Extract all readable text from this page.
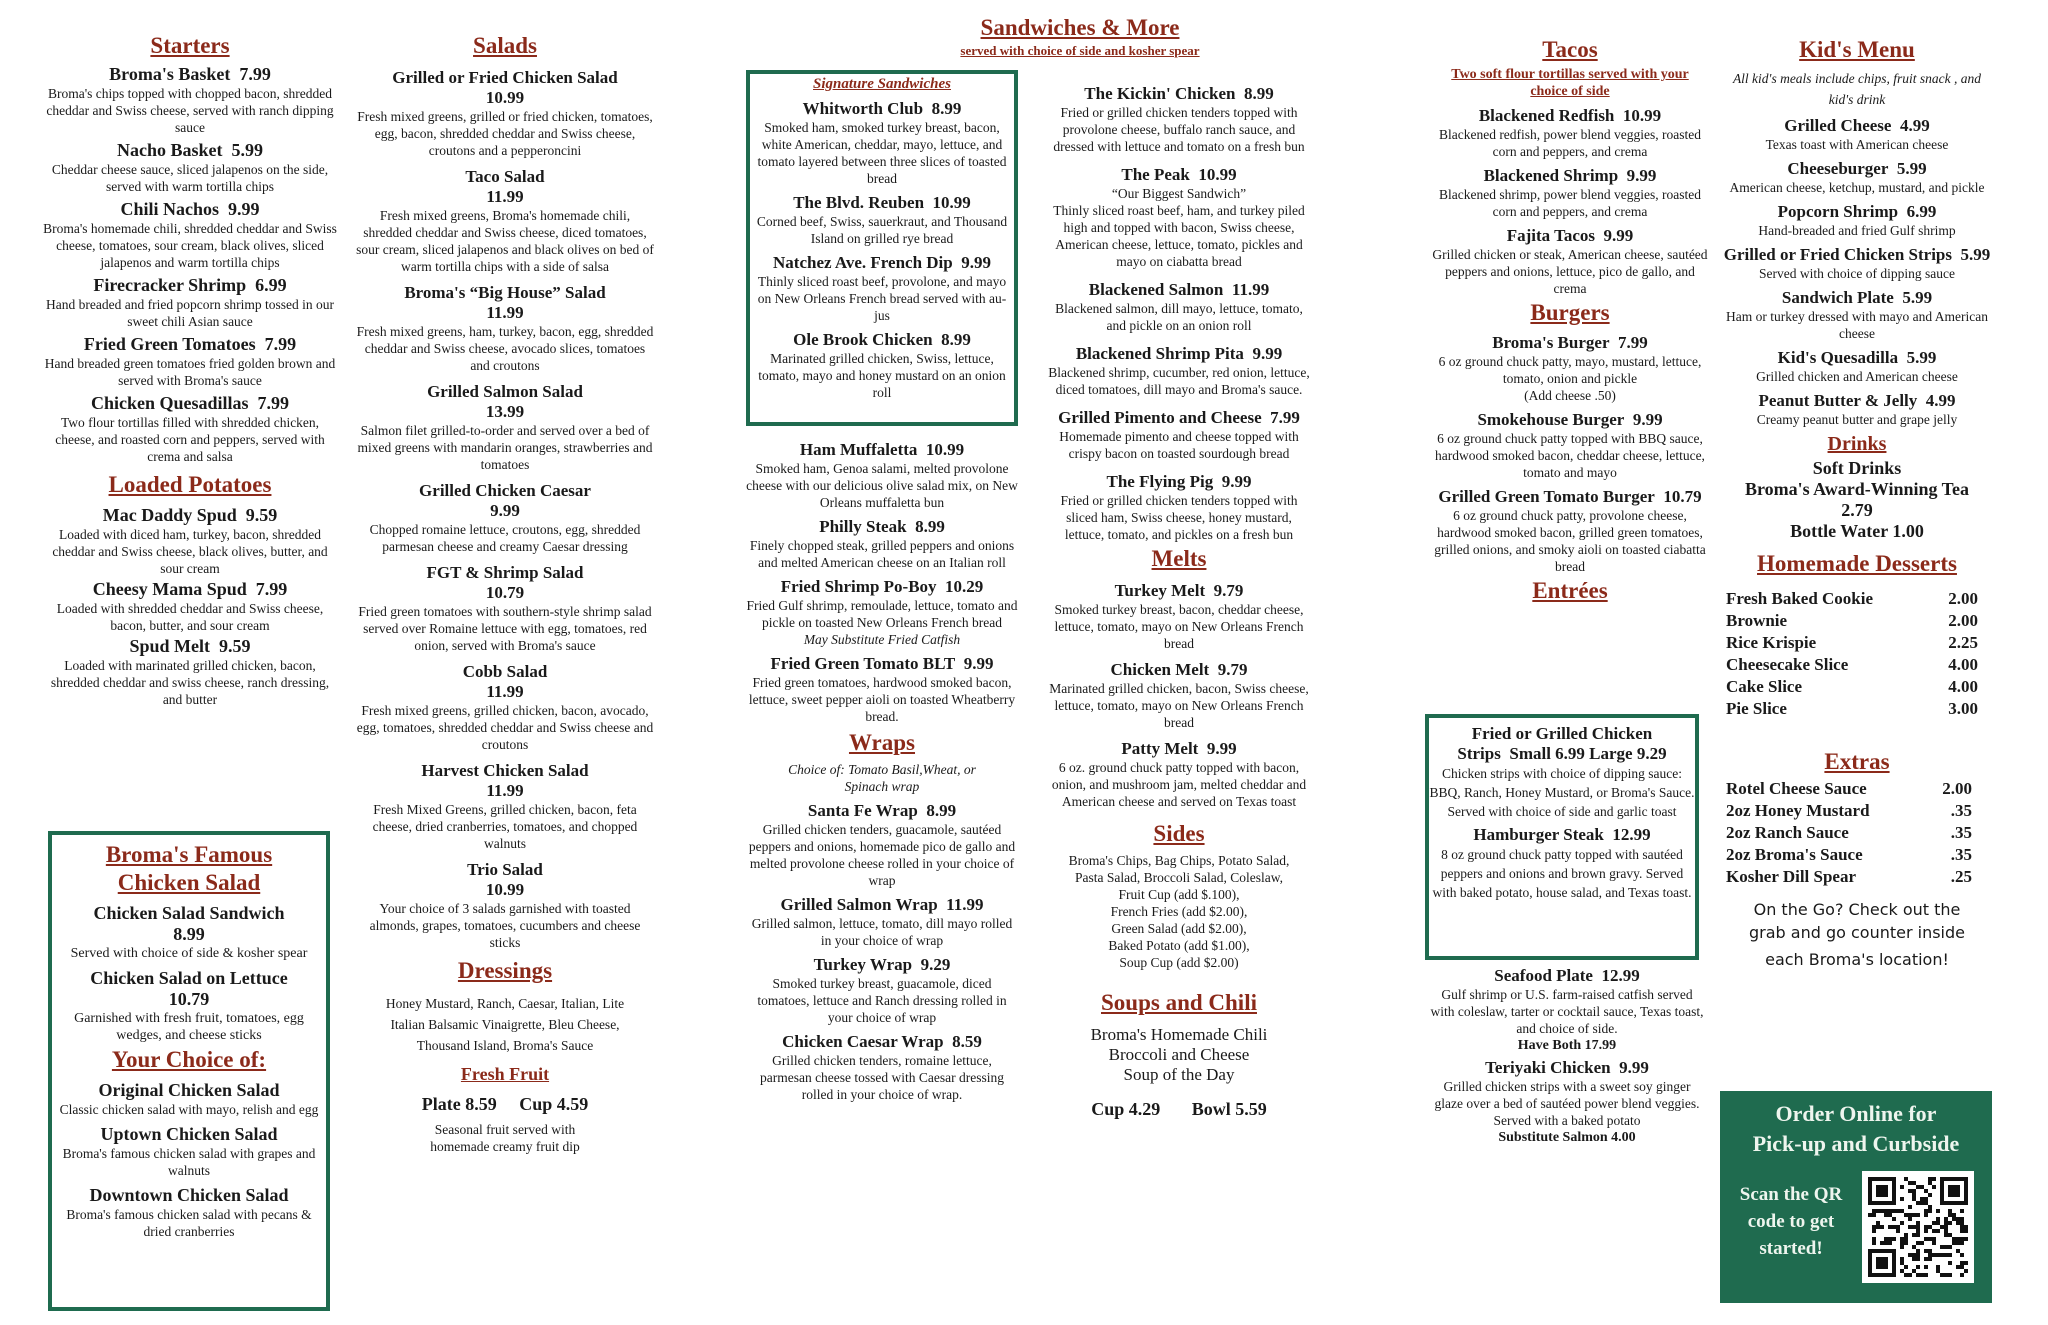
Starters
Broma's Basket 7.99
Broma's chips topped with chopped bacon, shredded cheddar and Swiss cheese, served with ranch dipping sauce
Nacho Basket 5.99
Cheddar cheese sauce, sliced jalapenos on the side, served with warm tortilla chips
Chili Nachos 9.99
Broma's homemade chili, shredded cheddar and Swiss cheese, tomatoes, sour cream, black olives, sliced jalapenos and warm tortilla chips
Firecracker Shrimp 6.99
Hand breaded and fried popcorn shrimp tossed in our sweet chili Asian sauce
Fried Green Tomatoes 7.99
Hand breaded green tomatoes fried golden brown and served with Broma's sauce
Chicken Quesadillas 7.99
Two flour tortillas filled with shredded chicken, cheese, and roasted corn and peppers, served with crema and salsa
Loaded Potatoes
Mac Daddy Spud 9.59
Loaded with diced ham, turkey, bacon, shredded cheddar and Swiss cheese, black olives, butter, and sour cream
Cheesy Mama Spud 7.99
Loaded with shredded cheddar and Swiss cheese, bacon, butter, and sour cream
Spud Melt 9.59
Loaded with marinated grilled chicken, bacon, shredded cheddar and swiss cheese, ranch dressing, and butter
Broma's Famous
Chicken Salad
Chicken Salad Sandwich
8.99
Served with choice of side & kosher spear
Chicken Salad on Lettuce
10.79
Garnished with fresh fruit, tomatoes, egg wedges, and cheese sticks
Your Choice of:
Original Chicken Salad
Classic chicken salad with mayo, relish and egg
Uptown Chicken Salad
Broma's famous chicken salad with grapes and walnuts
Downtown Chicken Salad
Broma's famous chicken salad with pecans & dried cranberries
Salads
Grilled or Fried Chicken Salad
10.99
Fresh mixed greens, grilled or fried chicken, tomatoes, egg, bacon, shredded cheddar and Swiss cheese, croutons and a pepperoncini
Taco Salad
11.99
Fresh mixed greens, Broma's homemade chili, shredded cheddar and Swiss cheese, diced tomatoes, sour cream, sliced jalapenos and black olives on bed of warm tortilla chips with a side of salsa
Broma's “Big House” Salad
11.99
Fresh mixed greens, ham, turkey, bacon, egg, shredded cheddar and Swiss cheese, avocado slices, tomatoes and croutons
Grilled Salmon Salad
13.99
Salmon filet grilled-to-order and served over a bed of mixed greens with mandarin oranges, strawberries and tomatoes
Grilled Chicken Caesar
9.99
Chopped romaine lettuce, croutons, egg, shredded parmesan cheese and creamy Caesar dressing
FGT & Shrimp Salad
10.79
Fried green tomatoes with southern-style shrimp salad served over Romaine lettuce with egg, tomatoes, red onion, served with Broma's sauce
Cobb Salad
11.99
Fresh mixed greens, grilled chicken, bacon, avocado, egg, tomatoes, shredded cheddar and Swiss cheese and croutons
Harvest Chicken Salad
11.99
Fresh Mixed Greens, grilled chicken, bacon, feta cheese, dried cranberries, tomatoes, and chopped walnuts
Trio Salad
10.99
Your choice of 3 salads garnished with toasted almonds, grapes, tomatoes, cucumbers and cheese sticks
Dressings
Honey Mustard, Ranch, Caesar, Italian, Lite Italian Balsamic Vinaigrette, Bleu Cheese, Thousand Island, Broma's Sauce
Fresh Fruit
Plate 8.59 Cup 4.59
Seasonal fruit served with homemade creamy fruit dip
Sandwiches & More
served with choice of side and kosher spear
Signature Sandwiches
Whitworth Club 8.99
Smoked ham, smoked turkey breast, bacon, white American, cheddar, mayo, lettuce, and tomato layered between three slices of toasted bread
The Blvd. Reuben 10.99
Corned beef, Swiss, sauerkraut, and Thousand Island on grilled rye bread
Natchez Ave. French Dip 9.99
Thinly sliced roast beef, provolone, and mayo on New Orleans French bread served with au-jus
Ole Brook Chicken 8.99
Marinated grilled chicken, Swiss, lettuce, tomato, mayo and honey mustard on an onion roll
Ham Muffaletta 10.99
Smoked ham, Genoa salami, melted provolone cheese with our delicious olive salad mix, on New Orleans muffaletta bun
Philly Steak 8.99
Finely chopped steak, grilled peppers and onions and melted American cheese on an Italian roll
Fried Shrimp Po-Boy 10.29
Fried Gulf shrimp, remoulade, lettuce, tomato and pickle on toasted New Orleans French bread
May Substitute Fried Catfish
Fried Green Tomato BLT 9.99
Fried green tomatoes, hardwood smoked bacon, lettuce, sweet pepper aioli on toasted Wheatberry bread.
Wraps
Choice of: Tomato Basil,Wheat, or Spinach wrap
Santa Fe Wrap 8.99
Grilled chicken tenders, guacamole, sautéed peppers and onions, homemade pico de gallo and melted provolone cheese rolled in your choice of wrap
Grilled Salmon Wrap 11.99
Grilled salmon, lettuce, tomato, dill mayo rolled in your choice of wrap
Turkey Wrap 9.29
Smoked turkey breast, guacamole, diced tomatoes, lettuce and Ranch dressing rolled in your choice of wrap
Chicken Caesar Wrap 8.59
Grilled chicken tenders, romaine lettuce, parmesan cheese tossed with Caesar dressing rolled in your choice of wrap.
The Kickin' Chicken 8.99
Fried or grilled chicken tenders topped with provolone cheese, buffalo ranch sauce, and dressed with lettuce and tomato on a fresh bun
The Peak 10.99
“Our Biggest Sandwich”
Thinly sliced roast beef, ham, and turkey piled high and topped with bacon, Swiss cheese, American cheese, lettuce, tomato, pickles and mayo on ciabatta bread
Blackened Salmon 11.99
Blackened salmon, dill mayo, lettuce, tomato, and pickle on an onion roll
Blackened Shrimp Pita 9.99
Blackened shrimp, cucumber, red onion, lettuce, diced tomatoes, dill mayo and Broma's sauce.
Grilled Pimento and Cheese 7.99
Homemade pimento and cheese topped with crispy bacon on toasted sourdough bread
The Flying Pig 9.99
Fried or grilled chicken tenders topped with sliced ham, Swiss cheese, honey mustard, lettuce, tomato, and pickles on a fresh bun
Melts
Turkey Melt 9.79
Smoked turkey breast, bacon, cheddar cheese, lettuce, tomato, mayo on New Orleans French bread
Chicken Melt 9.79
Marinated grilled chicken, bacon, Swiss cheese, lettuce, tomato, mayo on New Orleans French bread
Patty Melt 9.99
6 oz. ground chuck patty topped with bacon, onion, and mushroom jam, melted cheddar and American cheese and served on Texas toast
Sides
Broma's Chips, Bag Chips, Potato Salad,
Pasta Salad, Broccoli Salad, Coleslaw,
Fruit Cup (add $.100),
French Fries (add $2.00),
Green Salad (add $2.00),
Baked Potato (add $1.00),
Soup Cup (add $2.00)
Soups and Chili
Broma's Homemade Chili
Broccoli and Cheese
Soup of the Day
Cup 4.29 Bowl 5.59
Tacos
Two soft flour tortillas served with your choice of side
Blackened Redfish 10.99
Blackened redfish, power blend veggies, roasted corn and peppers, and crema
Blackened Shrimp 9.99
Blackened shrimp, power blend veggies, roasted corn and peppers, and crema
Fajita Tacos 9.99
Grilled chicken or steak, American cheese, sautéed peppers and onions, lettuce, pico de gallo, and crema
Burgers
Broma's Burger 7.99
6 oz ground chuck patty, mayo, mustard, lettuce, tomato, onion and pickle
(Add cheese .50)
Smokehouse Burger 9.99
6 oz ground chuck patty topped with BBQ sauce, hardwood smoked bacon, cheddar cheese, lettuce, tomato and mayo
Grilled Green Tomato Burger 10.79
6 oz ground chuck patty, provolone cheese, hardwood smoked bacon, grilled green tomatoes, grilled onions, and smoky aioli on toasted ciabatta bread
Entrées
Fried or Grilled Chicken Strips Small 6.99 Large 9.29
Chicken strips with choice of dipping sauce: BBQ, Ranch, Honey Mustard, or Broma's Sauce. Served with choice of side and garlic toast
Hamburger Steak 12.99
8 oz ground chuck patty topped with sautéed peppers and onions and brown gravy. Served with baked potato, house salad, and Texas toast.
Seafood Plate 12.99
Gulf shrimp or U.S. farm-raised catfish served with coleslaw, tarter or cocktail sauce, Texas toast, and choice of side.
Have Both 17.99
Teriyaki Chicken 9.99
Grilled chicken strips with a sweet soy ginger glaze over a bed of sautéed power blend veggies. Served with a baked potato
Substitute Salmon 4.00
Kid's Menu
All kid's meals include chips, fruit snack , and kid's drink
Grilled Cheese 4.99
Texas toast with American cheese
Cheeseburger 5.99
American cheese, ketchup, mustard, and pickle
Popcorn Shrimp 6.99
Hand-breaded and fried Gulf shrimp
Grilled or Fried Chicken Strips 5.99
Served with choice of dipping sauce
Sandwich Plate 5.99
Ham or turkey dressed with mayo and American cheese
Kid's Quesadilla 5.99
Grilled chicken and American cheese
Peanut Butter & Jelly 4.99
Creamy peanut butter and grape jelly
Drinks
Soft Drinks
Broma's Award-Winning Tea
2.79
Bottle Water 1.00
Homemade Desserts
Fresh Baked Cookie	2.00
Brownie	2.00
Rice Krispie	2.25
Cheesecake Slice	4.00
Cake Slice	4.00
Pie Slice	3.00
Extras
Rotel Cheese Sauce	2.00
2oz Honey Mustard	.35
2oz Ranch Sauce	.35
2oz Broma's Sauce	.35
Kosher Dill Spear	.25
On the Go? Check out the
grab and go counter inside
each Broma's location!
Order Online for
Pick-up and Curbside
Scan the QR code to get started!
